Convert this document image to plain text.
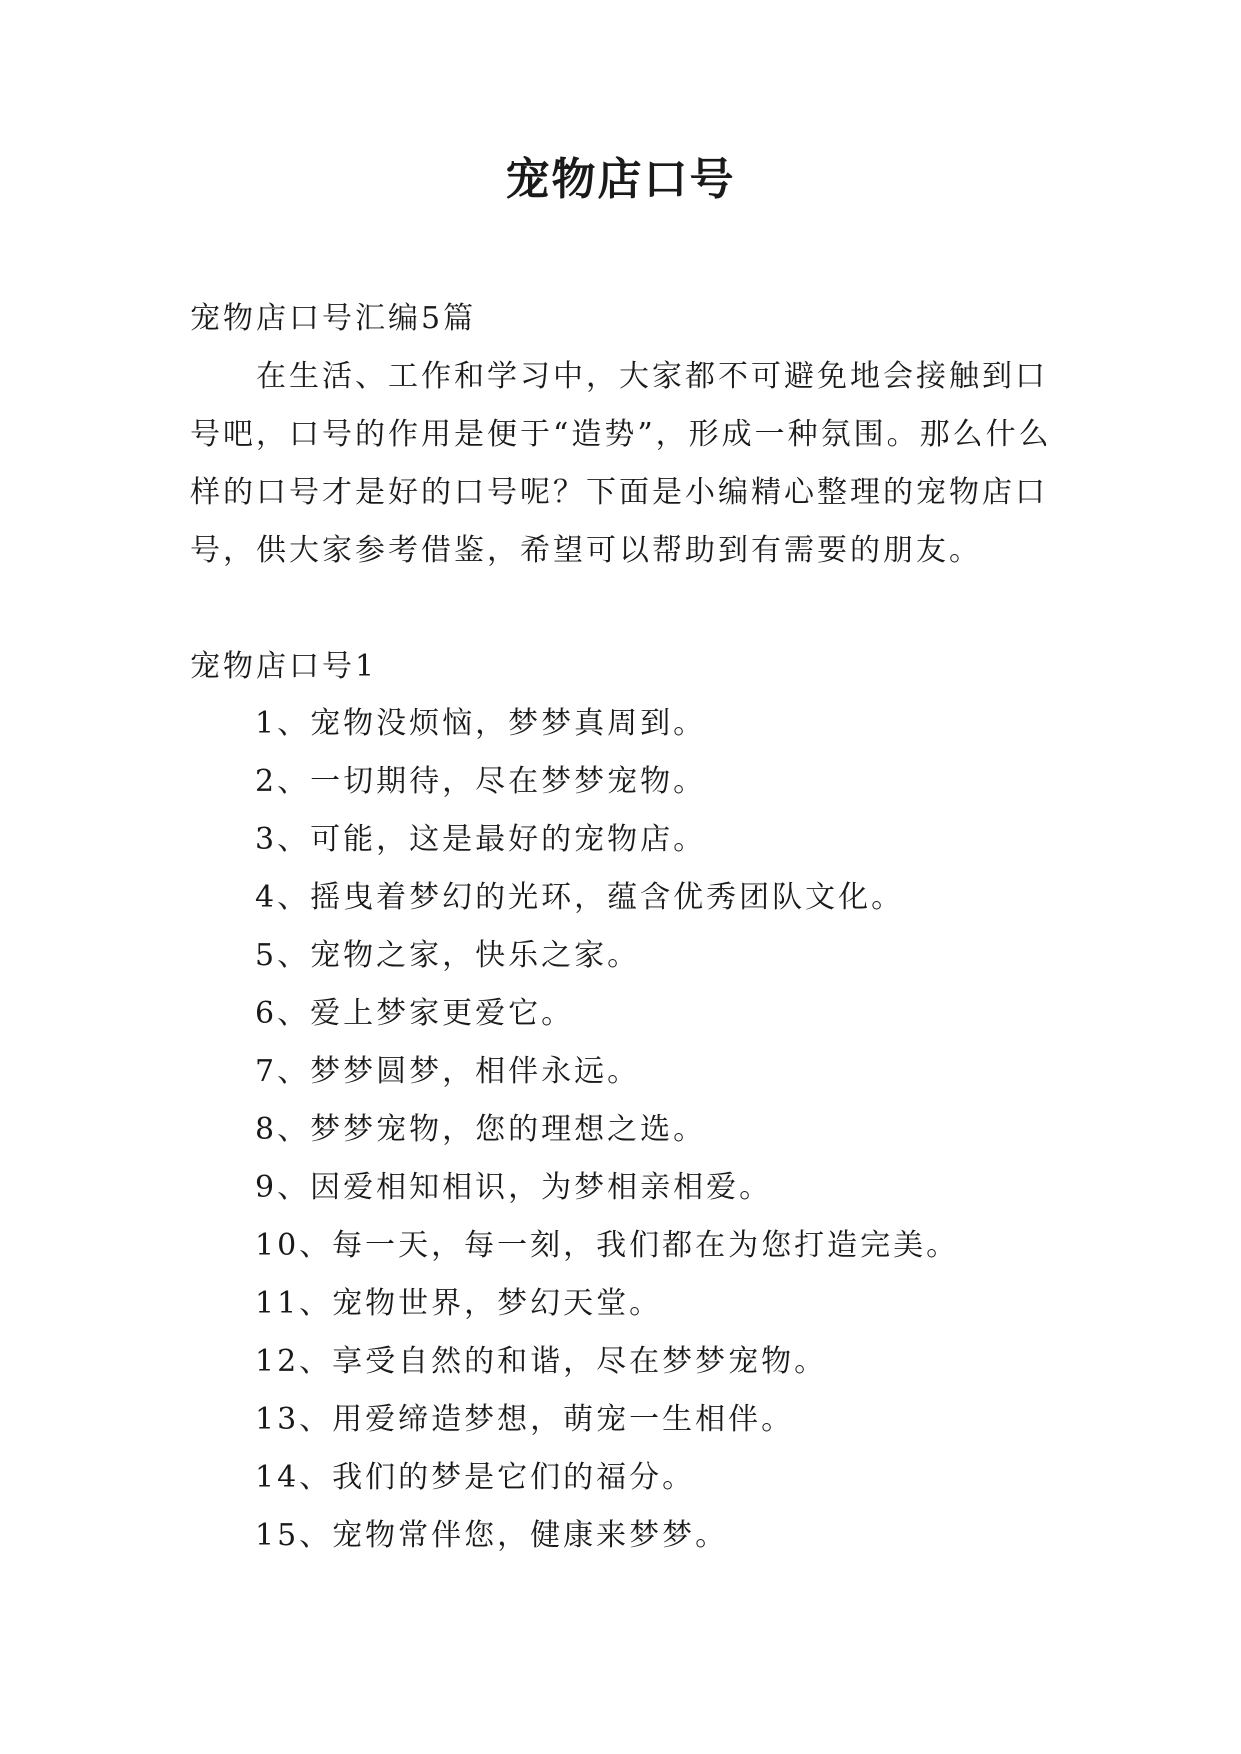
宠物店口号
宠物店口号汇编5篇

在生活、工作和学习中，大家都不可避免地会接触到口号吧，口号的作用是便于“造势”，形成一种氛围。那么什么样的口号才是好的口号呢？下面是小编精心整理的宠物店口号，供大家参考借鉴，希望可以帮助到有需要的朋友。

宠物店口号1
1、宠物没烦恼，梦梦真周到。
2、一切期待，尽在梦梦宠物。
3、可能，这是最好的宠物店。
4、摇曳着梦幻的光环，蕴含优秀团队文化。
5、宠物之家，快乐之家。
6、爱上梦家更爱它。
7、梦梦圆梦，相伴永远。
8、梦梦宠物，您的理想之选。
9、因爱相知相识，为梦相亲相爱。
10、每一天，每一刻，我们都在为您打造完美。
11、宠物世界，梦幻天堂。
12、享受自然的和谐，尽在梦梦宠物。
13、用爱缔造梦想，萌宠一生相伴。
14、我们的梦是它们的福分。
15、宠物常伴您，健康来梦梦。
